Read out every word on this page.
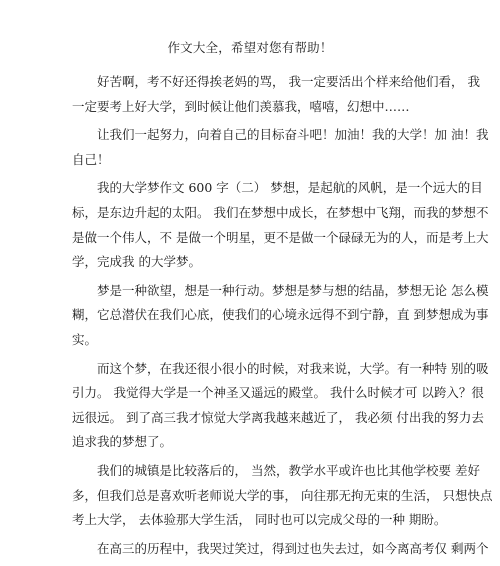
作文大全，希望对您有帮助！

好苦啊，考不好还得挨老妈的骂， 我一定要活出个样来给他们看， 我
一定要考上好大学，到时候让他们羡慕我，嘻嘻，幻想中……

让我们一起努力，向着自己的目标奋斗吧！加油！我的大学！加 油！我
自己！

我的大学梦作文 600 字（二） 梦想，是起航的风帆，是一个远大的目
标，是东边升起的太阳。 我们在梦想中成长，在梦想中飞翔，而我的梦想不
是做一个伟人，不 是做一个明星，更不是做一个碌碌无为的人，而是考上大
学，完成我 的大学梦。

梦是一种欲望，想是一种行动。梦想是梦与想的结晶，梦想无论 怎么模
糊，它总潜伏在我们心底，使我们的心境永远得不到宁静，直 到梦想成为事
实。

而这个梦，在我还很小很小的时候，对我来说，大学。有一种特 别的吸
引力。 我觉得大学是一个神圣又遥远的殿堂。 我什么时候才可 以跨入？很
远很远。 到了高三我才惊觉大学离我越来越近了， 我必须 付出我的努力去
追求我的梦想了。

我们的城镇是比较落后的， 当然，教学水平或许也比其他学校要 差好
多，但我们总是喜欢听老师说大学的事， 向往那无拘无束的生活， 只想快点
考上大学， 去体验那大学生活， 同时也可以完成父母的一种 期盼。

在高三的历程中，我哭过笑过，得到过也失去过，如今离高考仅 剩两个
